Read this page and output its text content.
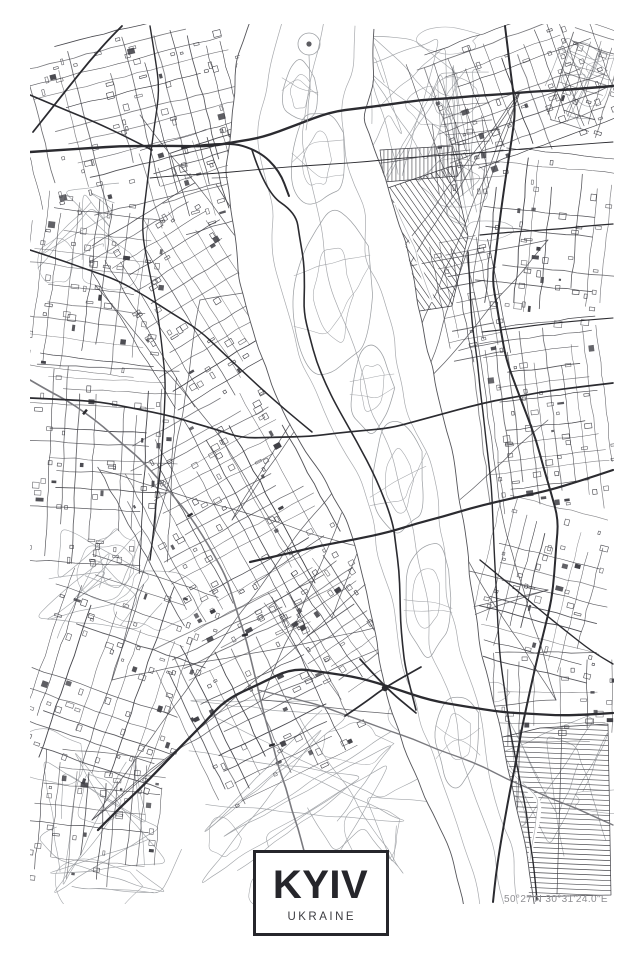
KYIV
UKRAINE
50°27'N 30°31'24.0"E
